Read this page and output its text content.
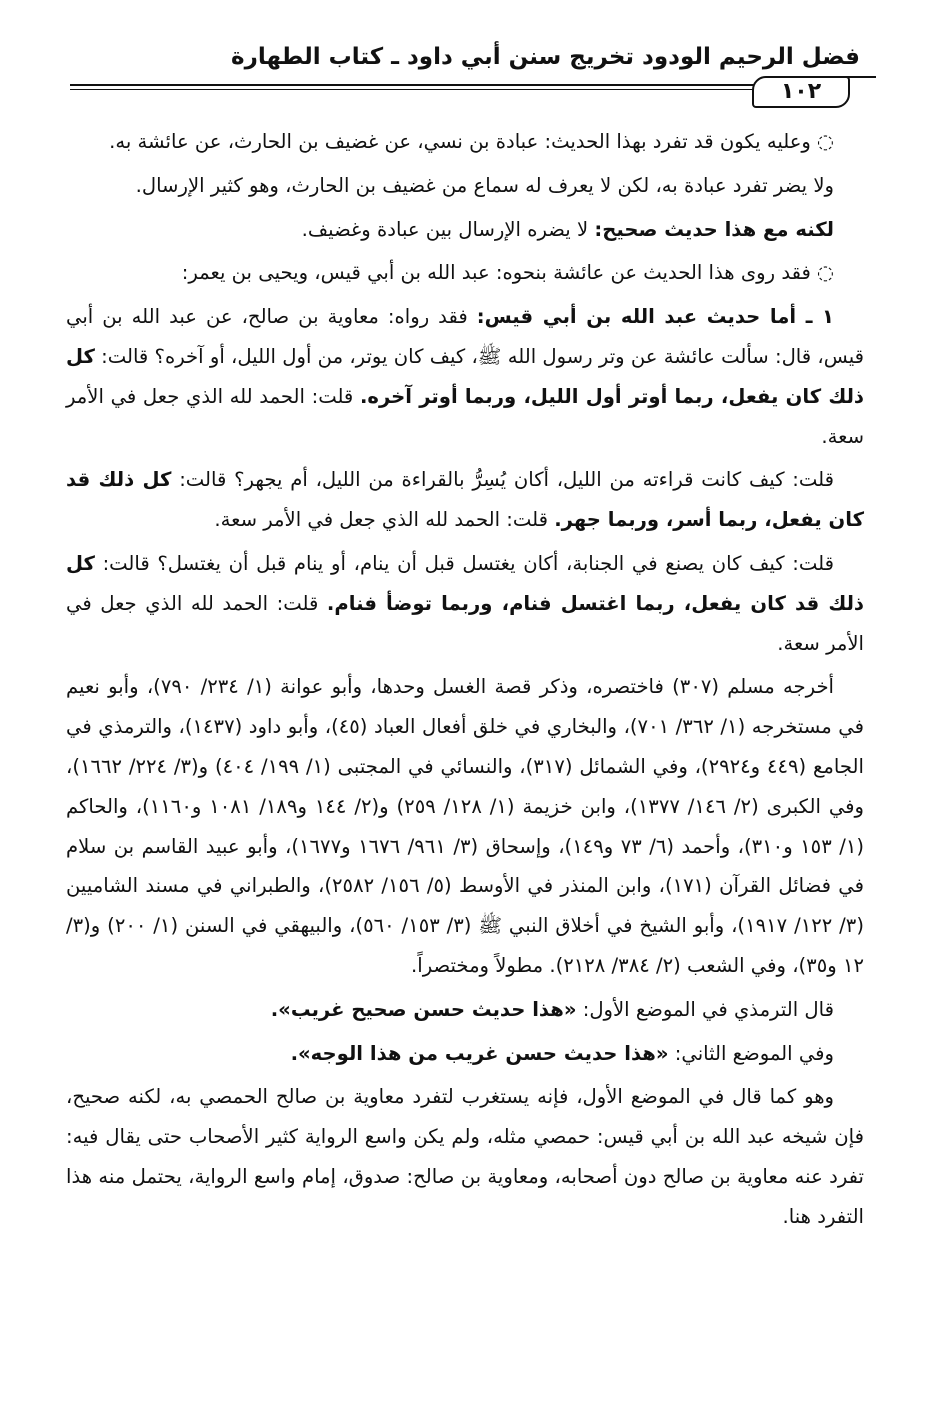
فضل الرحيم الودود تخريج سنن أبي داود ـ كتاب الطهارة
١٠٢

◌وعليه يكون قد تفرد بهذا الحديث: عبادة بن نسي، عن غضيف بن الحارث، عن عائشة به.

ولا يضر تفرد عبادة به، لكن لا يعرف له سماع من غضيف بن الحارث، وهو كثير الإرسال.

لكنه مع هذا حديث صحيح: لا يضره الإرسال بين عبادة وغضيف.

◌فقد روى هذا الحديث عن عائشة بنحوه: عبد الله بن أبي قيس، ويحيى بن يعمر:

١ ـ أما حديث عبد الله بن أبي قيس: فقد رواه: معاوية بن صالح، عن عبد الله بن أبي قيس، قال: سألت عائشة عن وتر رسول الله ﷺ، كيف كان يوتر، من أول الليل، أو آخره؟ قالت: كل ذلك كان يفعل، ربما أوتر أول الليل، وربما أوتر آخره. قلت: الحمد لله الذي جعل في الأمر سعة.

قلت: كيف كانت قراءته من الليل، أكان يُسِرُّ بالقراءة من الليل، أم يجهر؟ قالت: كل ذلك قد كان يفعل، ربما أسر، وربما جهر. قلت: الحمد لله الذي جعل في الأمر سعة.

قلت: كيف كان يصنع في الجنابة، أكان يغتسل قبل أن ينام، أو ينام قبل أن يغتسل؟ قالت: كل ذلك قد كان يفعل، ربما اغتسل فنام، وربما توضأ فنام. قلت: الحمد لله الذي جعل في الأمر سعة.

أخرجه مسلم (٣٠٧) فاختصره، وذكر قصة الغسل وحدها، وأبو عوانة (١/ ٢٣٤/ ٧٩٠)، وأبو نعيم في مستخرجه (١/ ٣٦٢/ ٧٠١)، والبخاري في خلق أفعال العباد (٤٥)، وأبو داود (١٤٣٧)، والترمذي في الجامع (٤٤٩ و٢٩٢٤)، وفي الشمائل (٣١٧)، والنسائي في المجتبى (١/ ١٩٩/ ٤٠٤) و(٣/ ٢٢٤/ ١٦٦٢)، وفي الكبرى (٢/ ١٤٦/ ١٣٧٧)، وابن خزيمة (١/ ١٢٨/ ٢٥٩) و(٢/ ١٤٤ و١٨٩/ ١٠٨١ و١١٦٠)، والحاكم (١/ ١٥٣ و٣١٠)، وأحمد (٦/ ٧٣ و١٤٩)، وإسحاق (٣/ ٩٦١/ ١٦٧٦ و١٦٧٧)، وأبو عبيد القاسم بن سلام في فضائل القرآن (١٧١)، وابن المنذر في الأوسط (٥/ ١٥٦/ ٢٥٨٢)، والطبراني في مسند الشاميين (٣/ ١٢٢/ ١٩١٧)، وأبو الشيخ في أخلاق النبي ﷺ (٣/ ١٥٣/ ٥٦٠)، والبيهقي في السنن (١/ ٢٠٠) و(٣/ ١٢ و٣٥)، وفي الشعب (٢/ ٣٨٤/ ٢١٢٨). مطولاً ومختصراً.

قال الترمذي في الموضع الأول: «هذا حديث حسن صحيح غريب».

وفي الموضع الثاني: «هذا حديث حسن غريب من هذا الوجه».

وهو كما قال في الموضع الأول، فإنه يستغرب لتفرد معاوية بن صالح الحمصي به، لكنه صحيح، فإن شيخه عبد الله بن أبي قيس: حمصي مثله، ولم يكن واسع الرواية كثير الأصحاب حتى يقال فيه: تفرد عنه معاوية بن صالح دون أصحابه، ومعاوية بن صالح: صدوق، إمام واسع الرواية، يحتمل منه هذا التفرد هنا.
